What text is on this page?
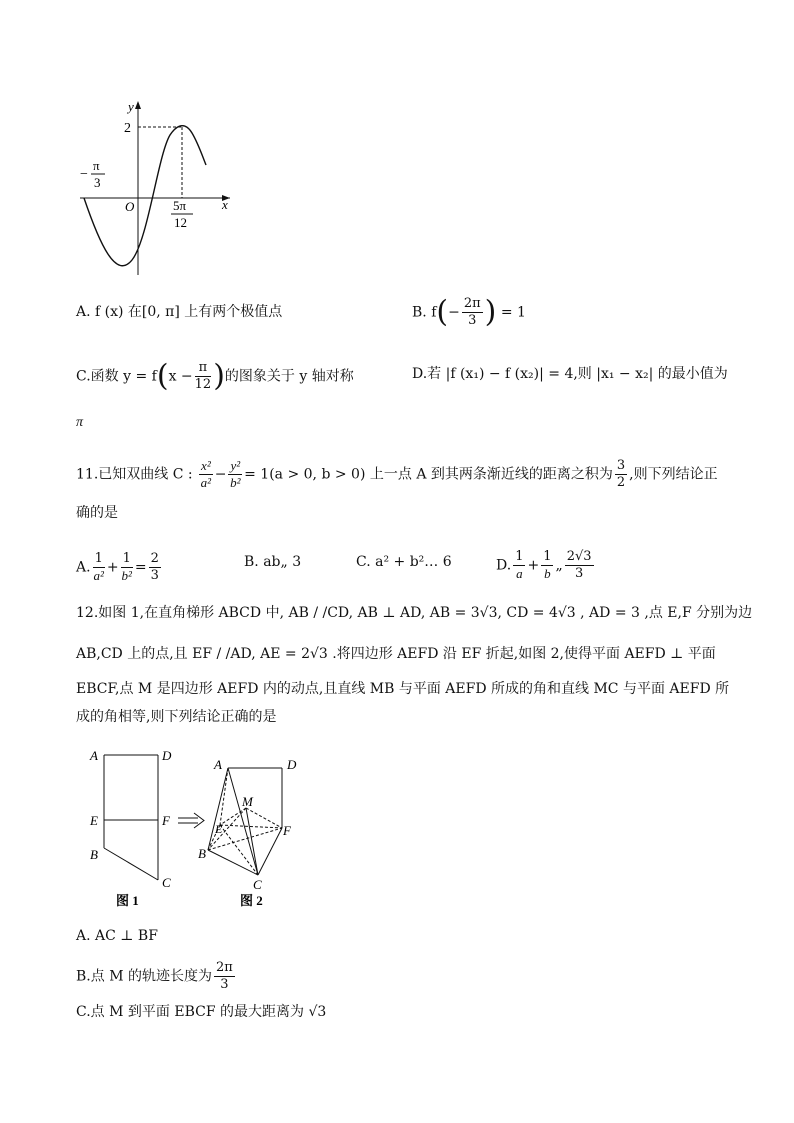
y
x
O
2
−
π
3
5π
12
A. f (x) 在[0, π] 上有两个极值点	B. $f(- \frac{2\pi}{3}$ ) = 1
C.函数 $y = f(x - \frac{\pi}{12}$ )的图象关于 y 轴对称	D.若 |f (x₁) − f (x₂)| = 4,则 |x₁ − x₂| 的最小值为
π
11.已知双曲线 C : $\frac{\text{x²}}{\text{a²}} - \frac{\text{y²}}{\text{b²}} = 1(a > 0$, b > 0) 上一点 A 到其两条渐近线的距离之积为 $\frac{3}{2}$ ,则下列结论正
确的是
A. $\frac{1}{\text{a²}} + \frac{1}{\text{b²}} = \frac{2}{3}$	B. ab„ 3	C. a² + b²… 6	D. $\frac{1}{a} + \frac{1}{b}$ „ $\frac{2√3}{3}$
12.如图 1,在直角梯形 ABCD 中, AB / /CD, AB ⊥ AD, AB = 3√3, CD = 4√3 , AD = 3 ,点 E,F 分别为边
AB,CD 上的点,且 EF / /AD, AE = 2√3 .将四边形 AEFD 沿 EF 折起,如图 2,使得平面 AEFD ⊥ 平面
EBCF,点 M 是四边形 AEFD 内的动点,且直线 MB 与平面 AEFD 所成的角和直线 MC 与平面 AEFD 所
成的角相等,则下列结论正确的是
A	D
E	F
B
C
图 1
A	D
M
E	F
B
C
图 2
A. AC ⊥ BF
B.点 M 的轨迹长度为 $\frac{2\pi}{3}$
C.点 M 到平面 EBCF 的最大距离为 √3
